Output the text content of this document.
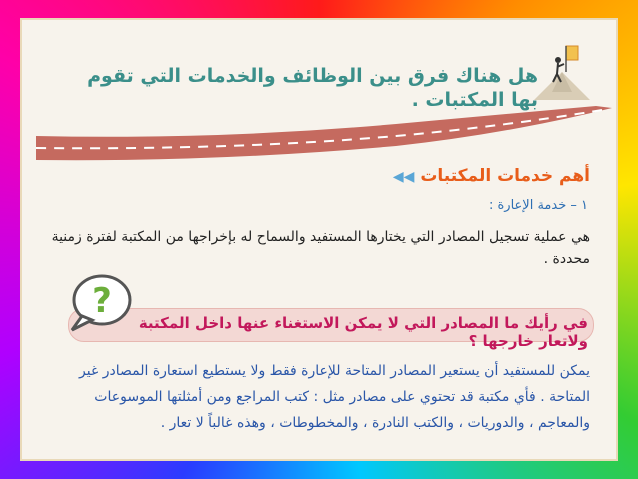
هل هناك فرق بين الوظائف والخدمات التي تقوم بها المكتبات .
أهم خدمات المكتبات ◀◀
١ – خدمة الإعارة :
هي عملية تسجيل المصادر التي يختارها المستفيد والسماح له بإخراجها من المكتبة لفترة زمنية محددة .
?
في رأيك ما المصادر التي لا يمكن الاستغناء عنها داخل المكتبة ولاتعار خارجها ؟
يمكن للمستفيد أن يستعير المصادر المتاحة للإعارة فقط ولا يستطيع استعارة المصادر غير
المتاحة . فأي مكتبة قد تحتوي على مصادر مثل : كتب المراجع ومن أمثلتها الموسوعات
والمعاجم ، والدوريات ، والكتب النادرة ، والمخطوطات ، وهذه غالباً لا تعار .
